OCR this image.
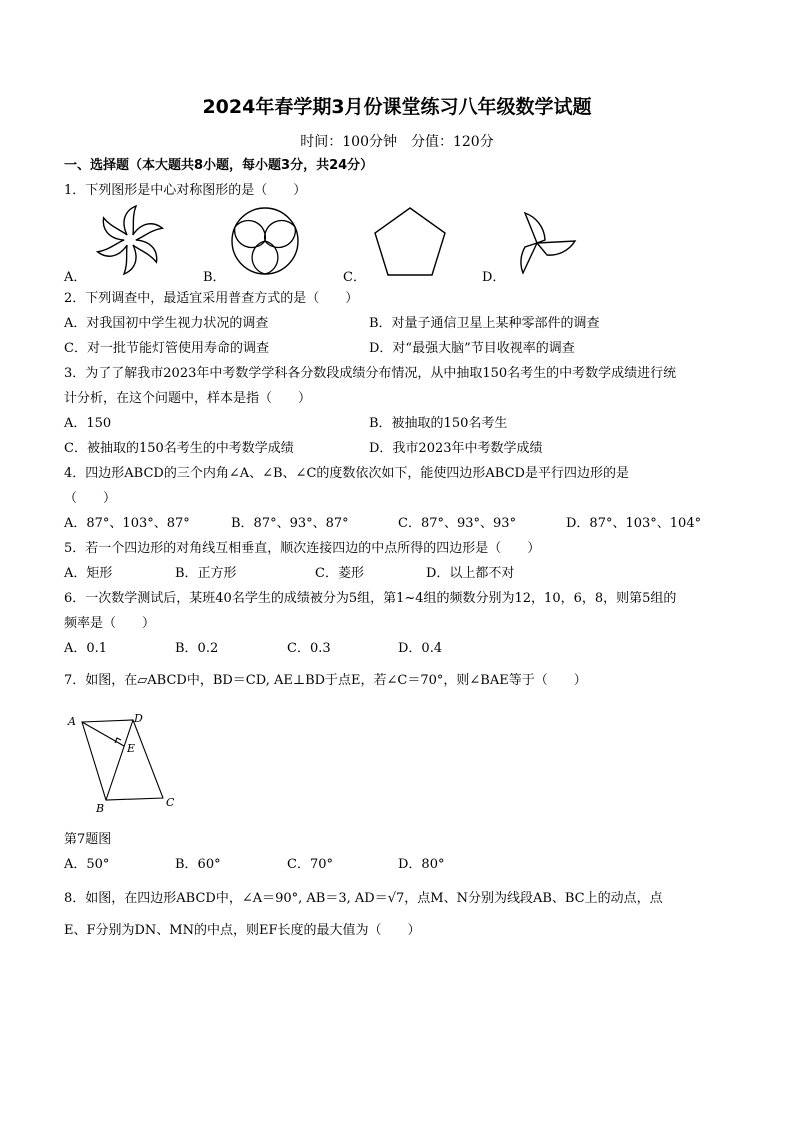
2024年春学期3月份课堂练习八年级数学试题
时间：100分钟　分值：120分
一、选择题（本大题共8小题，每小题3分，共24分）
1．下列图形是中心对称图形的是（　　）
A．	B．	C．	D．
2．下列调查中，最适宜采用普查方式的是（　　）
A．对我国初中学生视力状况的调查	B．对量子通信卫星上某种零部件的调查
C．对一批节能灯管使用寿命的调查	D．对“最强大脑”节目收视率的调查
3．为了了解我市2023年中考数学学科各分数段成绩分布情况，从中抽取150名考生的中考数学成绩进行统
计分析，在这个问题中，样本是指（　　）
A．150	B．被抽取的150名考生
C．被抽取的150名考生的中考数学成绩	D．我市2023年中考数学成绩
4．四边形ABCD的三个内角∠A、∠B、∠C的度数依次如下，能使四边形ABCD是平行四边形的是
（　　）
A．87°、103°、87°	B．87°、93°、87°	C．87°、93°、93°	D．87°、103°、104°
5．若一个四边形的对角线互相垂直，顺次连接四边的中点所得的四边形是（　　）
A．矩形	B．正方形	C．菱形	D．以上都不对
6．一次数学测试后，某班40名学生的成绩被分为5组，第1~4组的频数分别为12，10，6，8，则第5组的
频率是（　　）
A．0.1	B．0.2	C．0.3	D．0.4
7．如图，在▱ABCD中，BD＝CD, AE⊥BD于点E，若∠C＝70°，则∠BAE等于（　　）
A	D
E
B	C
第7题图
A．50°	B．60°	C．70°	D．80°
8．如图，在四边形ABCD中，∠A＝90°, AB＝3, AD＝√7，点M、N分别为线段AB、BC上的动点，点
E、F分别为DN、MN的中点，则EF长度的最大值为（　　）
